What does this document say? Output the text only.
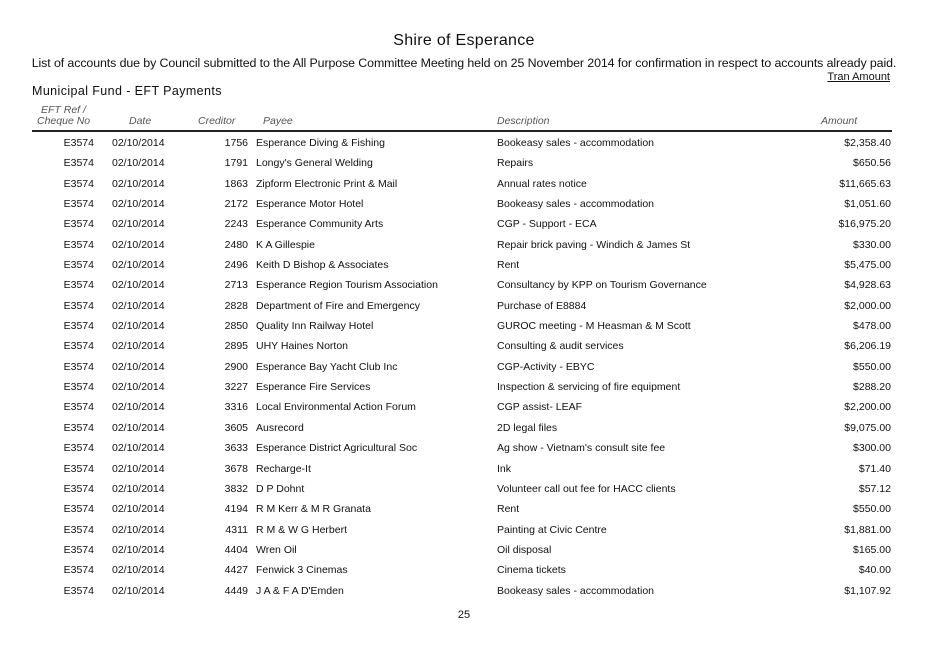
Shire of Esperance
List of accounts due by Council submitted to the All Purpose Committee Meeting held on 25 November 2014 for confirmation in respect to accounts already paid.
Tran Amount
Municipal Fund - EFT Payments
EFT Ref /
Cheque No	Date	Creditor	Payee	Description	Amount
E3574 02/10/2014	1756 Esperance Diving & Fishing	Bookeasy sales - accommodation	$2,358.40
E3574 02/10/2014	1791 Longy's General Welding	Repairs	$650.56
E3574 02/10/2014	1863 Zipform Electronic Print & Mail	Annual rates notice	$11,665.63
E3574 02/10/2014	2172 Esperance Motor Hotel	Bookeasy sales - accommodation	$1,051.60
E3574 02/10/2014	2243 Esperance Community Arts	CGP - Support - ECA	$16,975.20
E3574 02/10/2014	2480 K A Gillespie	Repair brick paving - Windich & James St	$330.00
E3574 02/10/2014	2496 Keith D Bishop & Associates	Rent	$5,475.00
E3574 02/10/2014	2713 Esperance Region Tourism Association	Consultancy by KPP on Tourism Governance	$4,928.63
E3574 02/10/2014	2828 Department of Fire and Emergency	Purchase of E8884	$2,000.00
E3574 02/10/2014	2850 Quality Inn Railway Hotel	GUROC meeting - M Heasman & M Scott	$478.00
E3574 02/10/2014	2895 UHY Haines Norton	Consulting & audit services	$6,206.19
E3574 02/10/2014	2900 Esperance Bay Yacht Club Inc	CGP-Activity - EBYC	$550.00
E3574 02/10/2014	3227 Esperance Fire Services	Inspection & servicing of fire equipment	$288.20
E3574 02/10/2014	3316 Local Environmental Action Forum	CGP assist- LEAF	$2,200.00
E3574 02/10/2014	3605 Ausrecord	2D legal files	$9,075.00
E3574 02/10/2014	3633 Esperance District Agricultural Soc	Ag show - Vietnam's consult site fee	$300.00
E3574 02/10/2014	3678 Recharge-It	Ink	$71.40
E3574 02/10/2014	3832 D P Dohnt	Volunteer call out fee for HACC clients	$57.12
E3574 02/10/2014	4194 R M Kerr & M R Granata	Rent	$550.00
E3574 02/10/2014	4311 R M & W G Herbert	Painting at Civic Centre	$1,881.00
E3574 02/10/2014	4404 Wren Oil	Oil disposal	$165.00
E3574 02/10/2014	4427 Fenwick 3 Cinemas	Cinema tickets	$40.00
E3574 02/10/2014	4449 J A & F A D'Emden	Bookeasy sales - accommodation	$1,107.92
25
